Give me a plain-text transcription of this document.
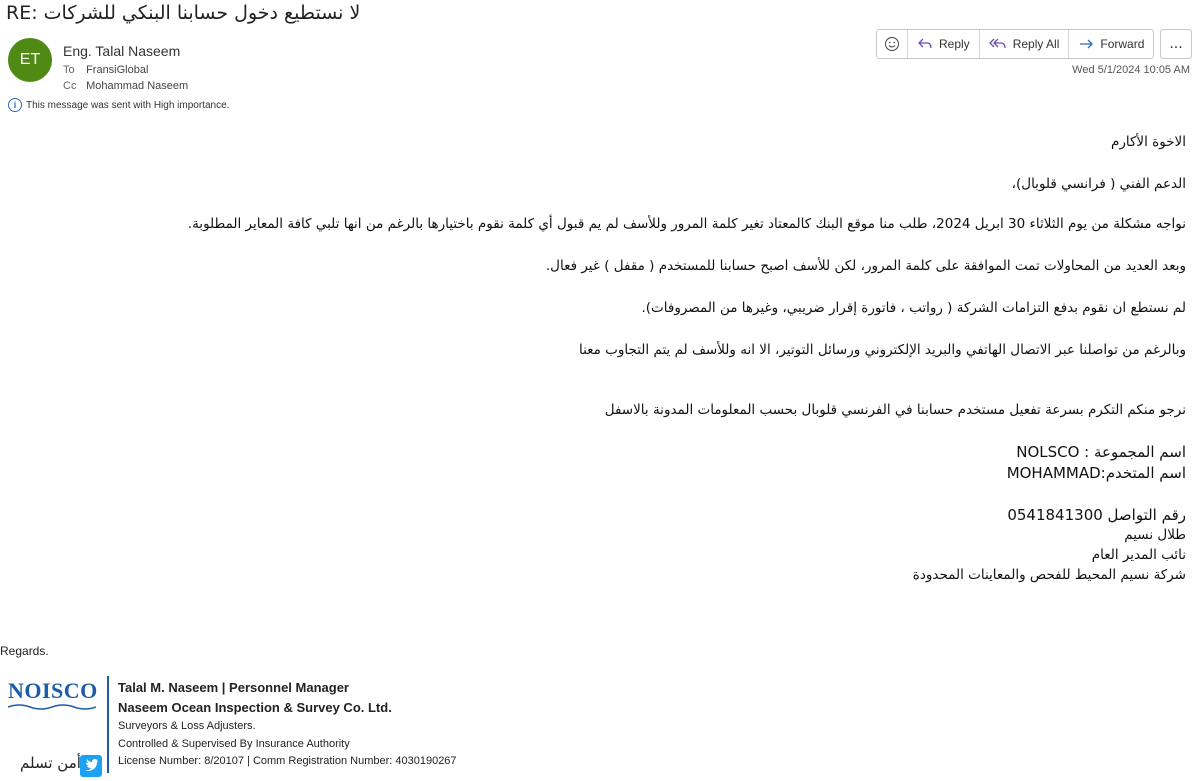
RE: لا نستطيع دخول حسابنا البنكي للشركات
ET	Eng. Talal Naseem
To FransiGlobal
Cc Mohammad Naseem
i This message was sent with High importance.
Reply	Reply All	Forward	...
Wed 5/1/2024 10:05 AM
الاخوة الأكارم
الدعم الفني ( فرانسي قلوبال)،
نواجه مشكلة من يوم الثلاثاء 30 ابريل 2024، طلب منا موقع البنك كالمعتاد تغير كلمة المرور وللأسف لم يم قبول أي كلمة نقوم باختيارها بالرغم من انها تلبي كافة المعاير المطلوبة.
وبعد العديد من المحاولات تمت الموافقة على كلمة المرور، لكن للأسف اصبح حسابنا للمستخدم ( مقفل ) غير فعال.
لم نستطع ان نقوم بدفع التزامات الشركة ( رواتب ، فاتورة إقرار ضريبي، وغيرها من المصروفات).
وبالرغم من تواصلنا عبر الاتصال الهاتفي والبريد الإلكتروني ورسائل التوتير، الا انه وللأسف لم يتم التجاوب معنا
نرجو منكم التكرم بسرعة تفعيل مستخدم حسابنا في الفرنسي قلوبال بحسب المعلومات المدونة بالاسفل
اسم المجموعة : NOLSCO
اسم المتخدم:MOHAMMAD
رقم التواصل 0541841300
طلال نسيم
نائب المدير العام
شركة نسيم المحيط للفحص والمعاينات المحدودة
Regards.
NOISCO Talal M. Naseem | Personnel Manager
Naseem Ocean Inspection & Survey Co. Ltd.
Surveyors & Loss Adjusters.
Controlled & Supervised By Insurance Authority
License Number: 8/20107 | Comm Registration Number: 4030190267
أمن تسلم
